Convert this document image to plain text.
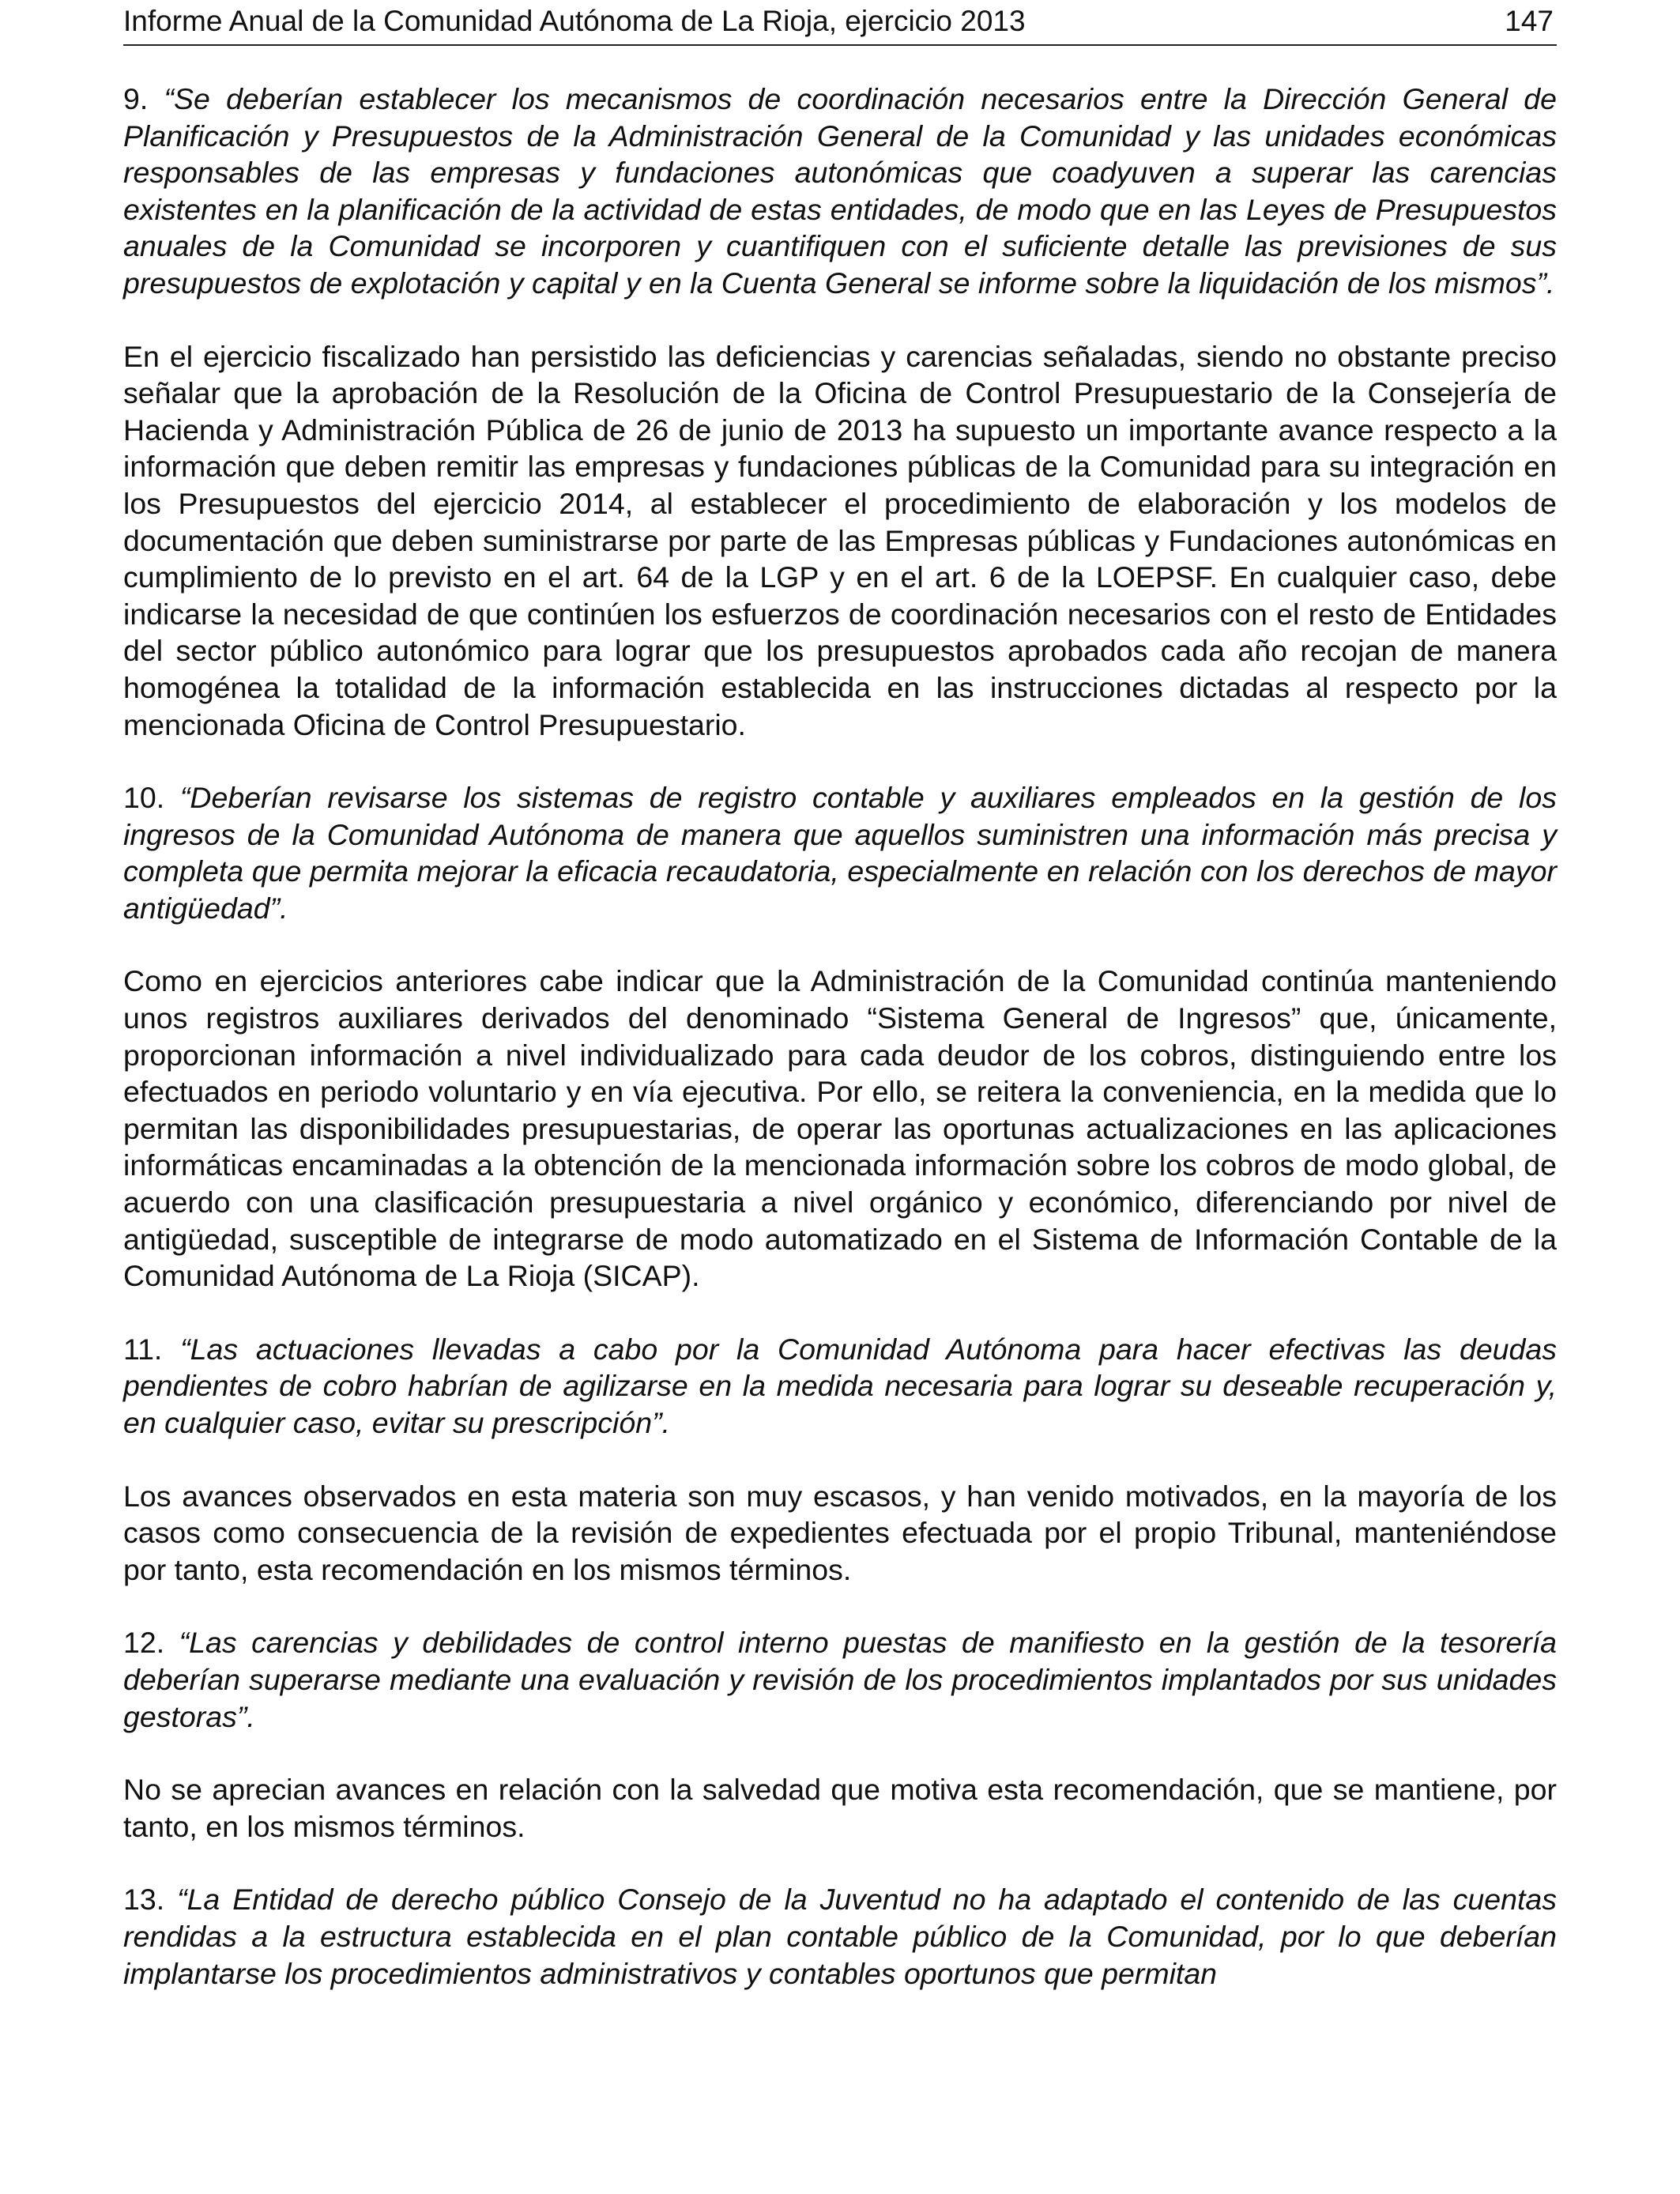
Informe Anual de la Comunidad Autónoma de La Rioja, ejercicio 2013	147

9. “Se deberían establecer los mecanismos de coordinación necesarios entre la Dirección General de Planificación y Presupuestos de la Administración General de la Comunidad y las unidades económicas responsables de las empresas y fundaciones autonómicas que coadyuven a superar las carencias existentes en la planificación de la actividad de estas entidades, de modo que en las Leyes de Presupuestos anuales de la Comunidad se incorporen y cuantifiquen con el suficiente detalle las previsiones de sus presupuestos de explotación y capital y en la Cuenta General se informe sobre la liquidación de los mismos”.

En el ejercicio fiscalizado han persistido las deficiencias y carencias señaladas, siendo no obstante preciso señalar que la aprobación de la Resolución de la Oficina de Control Presupuestario de la Consejería de Hacienda y Administración Pública de 26 de junio de 2013 ha supuesto un importante avance respecto a la información que deben remitir las empresas y fundaciones públicas de la Comunidad para su integración en los Presupuestos del ejercicio 2014, al establecer el procedimiento de elaboración y los modelos de documentación que deben suministrarse por parte de las Empresas públicas y Fundaciones autonómicas en cumplimiento de lo previsto en el art. 64 de la LGP y en el art. 6 de la LOEPSF. En cualquier caso, debe indicarse la necesidad de que continúen los esfuerzos de coordinación necesarios con el resto de Entidades del sector público autonómico para lograr que los presupuestos aprobados cada año recojan de manera homogénea la totalidad de la información establecida en las instrucciones dictadas al respecto por la mencionada Oficina de Control Presupuestario.

10. “Deberían revisarse los sistemas de registro contable y auxiliares empleados en la gestión de los ingresos de la Comunidad Autónoma de manera que aquellos suministren una información más precisa y completa que permita mejorar la eficacia recaudatoria, especialmente en relación con los derechos de mayor antigüedad”.

Como en ejercicios anteriores cabe indicar que la Administración de la Comunidad continúa manteniendo unos registros auxiliares derivados del denominado “Sistema General de Ingresos” que, únicamente, proporcionan información a nivel individualizado para cada deudor de los cobros, distinguiendo entre los efectuados en periodo voluntario y en vía ejecutiva. Por ello, se reitera la conveniencia, en la medida que lo permitan las disponibilidades presupuestarias, de operar las oportunas actualizaciones en las aplicaciones informáticas encaminadas a la obtención de la mencionada información sobre los cobros de modo global, de acuerdo con una clasificación presupuestaria a nivel orgánico y económico, diferenciando por nivel de antigüedad, susceptible de integrarse de modo automatizado en el Sistema de Información Contable de la Comunidad Autónoma de La Rioja (SICAP).

11. “Las actuaciones llevadas a cabo por la Comunidad Autónoma para hacer efectivas las deudas pendientes de cobro habrían de agilizarse en la medida necesaria para lograr su deseable recuperación y, en cualquier caso, evitar su prescripción”.

Los avances observados en esta materia son muy escasos, y han venido motivados, en la mayoría de los casos como consecuencia de la revisión de expedientes efectuada por el propio Tribunal, manteniéndose por tanto, esta recomendación en los mismos términos.

12. “Las carencias y debilidades de control interno puestas de manifiesto en la gestión de la tesorería deberían superarse mediante una evaluación y revisión de los procedimientos implantados por sus unidades gestoras”.

No se aprecian avances en relación con la salvedad que motiva esta recomendación, que se mantiene, por tanto, en los mismos términos.

13. “La Entidad de derecho público Consejo de la Juventud no ha adaptado el contenido de las cuentas rendidas a la estructura establecida en el plan contable público de la Comunidad, por lo que deberían implantarse los procedimientos administrativos y contables oportunos que permitan
